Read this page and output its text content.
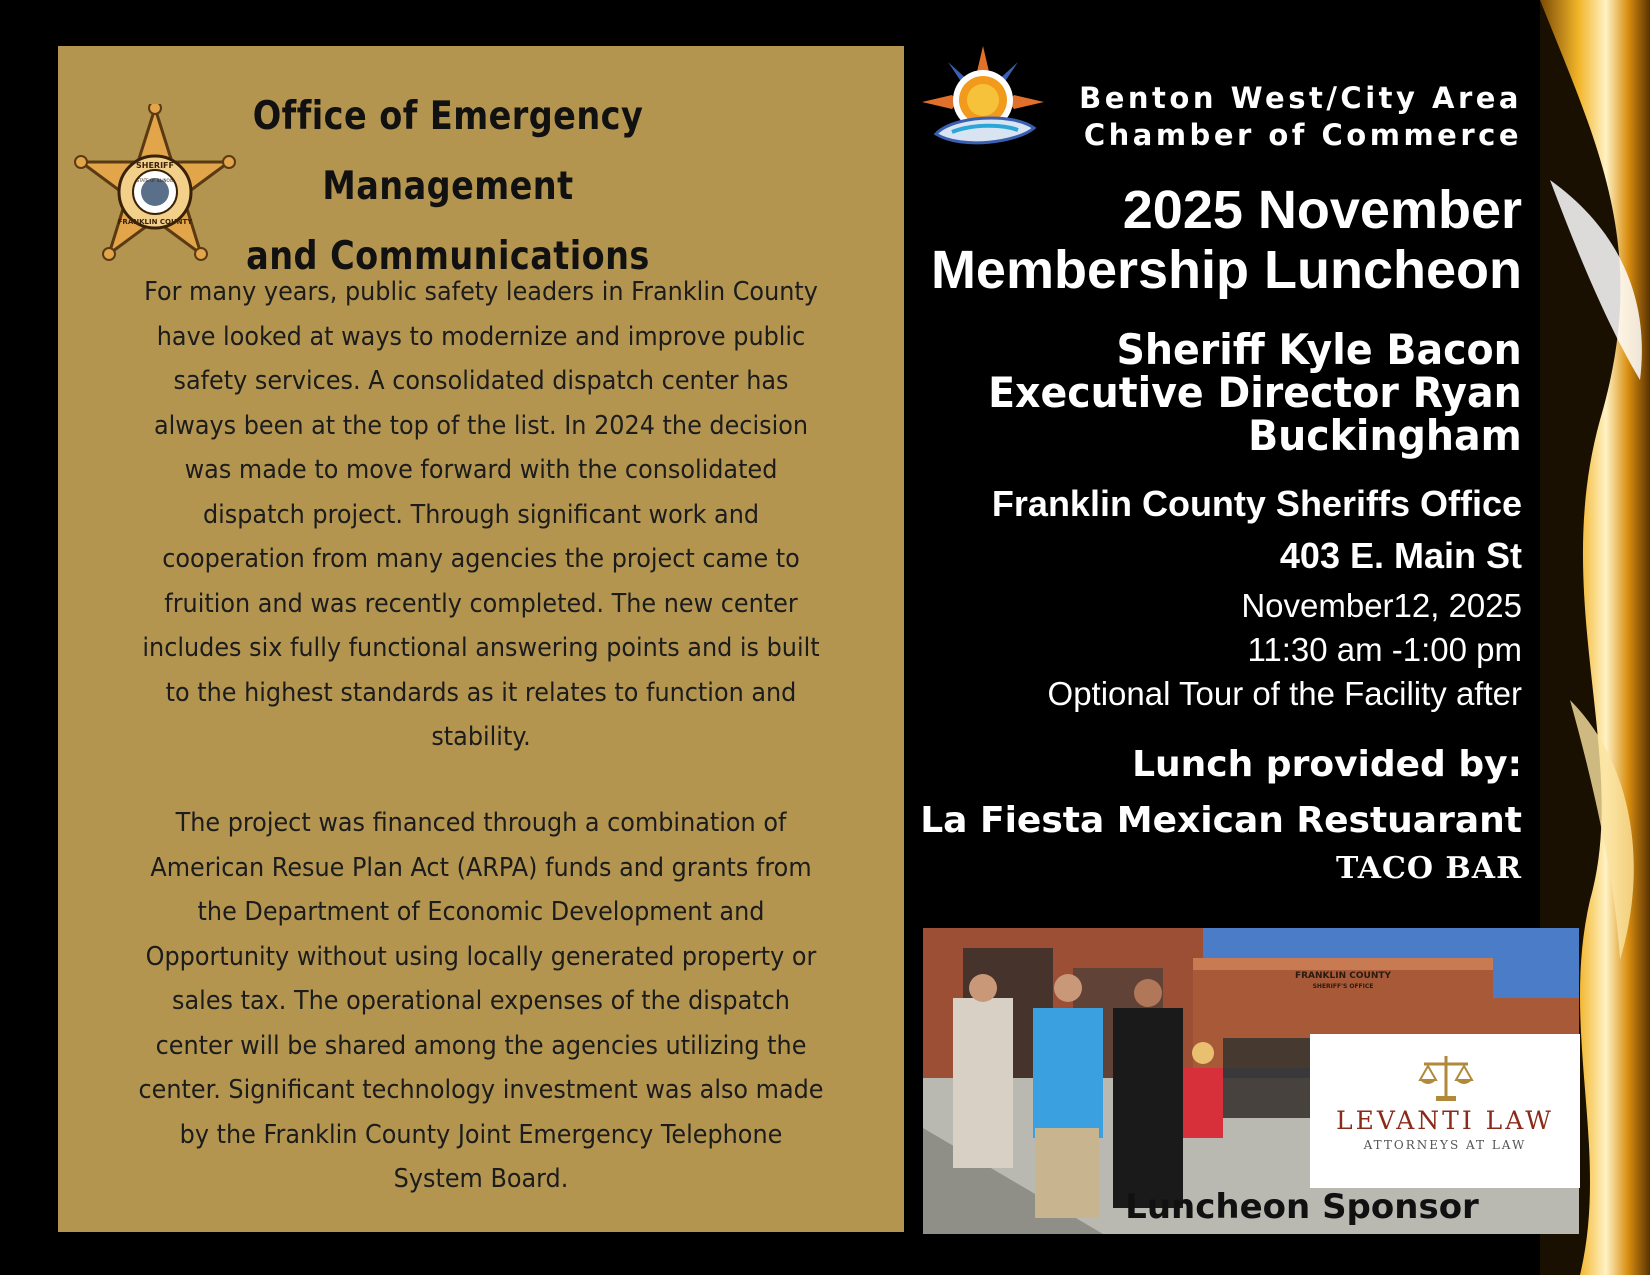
SHERIFF
FRANKLIN COUNTY
STATE OF ILLINOIS
Office of Emergency Management
and Communications
For many years, public safety leaders in Franklin County
have looked at ways to modernize and improve public
safety services. A consolidated dispatch center has
always been at the top of the list. In 2024 the decision
was made to move forward with the consolidated
dispatch project. Through significant work and
cooperation from many agencies the project came to
fruition and was recently completed. The new center
includes six fully functional answering points and is built
to the highest standards as it relates to function and
stability.
The project was financed through a combination of
American Resue Plan Act (ARPA) funds and grants from
the Department of Economic Development and
Opportunity without using locally generated property or
sales tax. The operational expenses of the dispatch
center will be shared among the agencies utilizing the
center. Significant technology investment was also made
by the Franklin County Joint Emergency Telephone
System Board.
Benton West/City Area
Chamber of Commerce
2025 November
Membership Luncheon
Sheriff Kyle Bacon
Executive Director Ryan
Buckingham
Franklin County Sheriffs Office
403 E. Main St
November12, 2025
11:30 am -1:00 pm
Optional Tour of the Facility after
Lunch provided by:
La Fiesta Mexican Restuarant
TACO BAR
FRANKLIN COUNTY
SHERIFF'S OFFICE
LEVANTI LAW
ATTORNEYS AT LAW
Luncheon Sponsor
